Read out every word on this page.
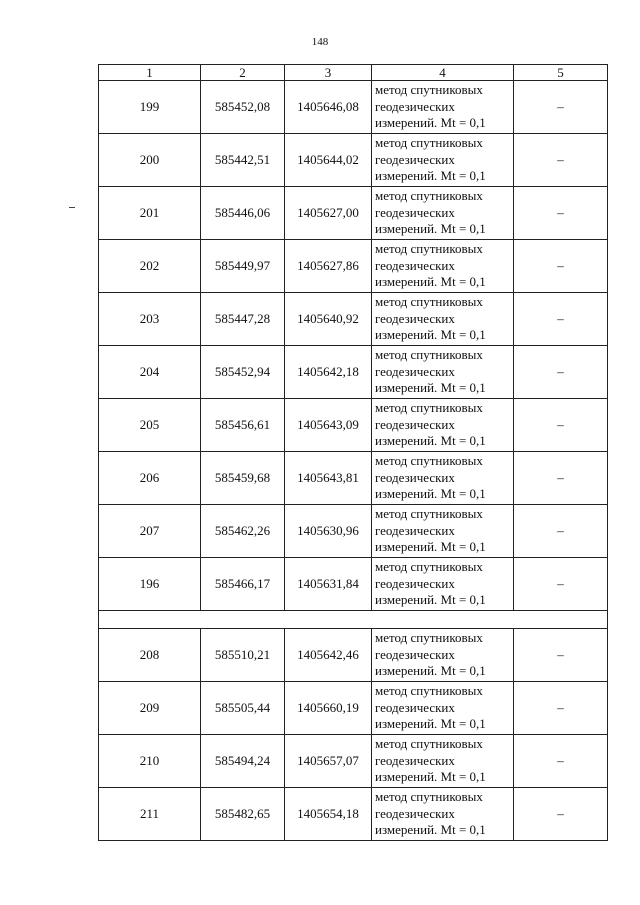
148
1	2	3	4	5
199	585452,08	1405646,08	метод спутниковых
геодезических
измерений. Mt = 0,1	–
200	585442,51	1405644,02	метод спутниковых
геодезических
измерений. Mt = 0,1	–
201	585446,06	1405627,00	метод спутниковых
геодезических
измерений. Mt = 0,1	–
202	585449,97	1405627,86	метод спутниковых
геодезических
измерений. Mt = 0,1	–
203	585447,28	1405640,92	метод спутниковых
геодезических
измерений. Mt = 0,1	–
204	585452,94	1405642,18	метод спутниковых
геодезических
измерений. Mt = 0,1	–
205	585456,61	1405643,09	метод спутниковых
геодезических
измерений. Mt = 0,1	–
206	585459,68	1405643,81	метод спутниковых
геодезических
измерений. Mt = 0,1	–
207	585462,26	1405630,96	метод спутниковых
геодезических
измерений. Mt = 0,1	–
196	585466,17	1405631,84	метод спутниковых
геодезических
измерений. Mt = 0,1	–

208	585510,21	1405642,46	метод спутниковых
геодезических
измерений. Mt = 0,1	–
209	585505,44	1405660,19	метод спутниковых
геодезических
измерений. Mt = 0,1	–
210	585494,24	1405657,07	метод спутниковых
геодезических
измерений. Mt = 0,1	–
211	585482,65	1405654,18	метод спутниковых
геодезических
измерений. Mt = 0,1	–
